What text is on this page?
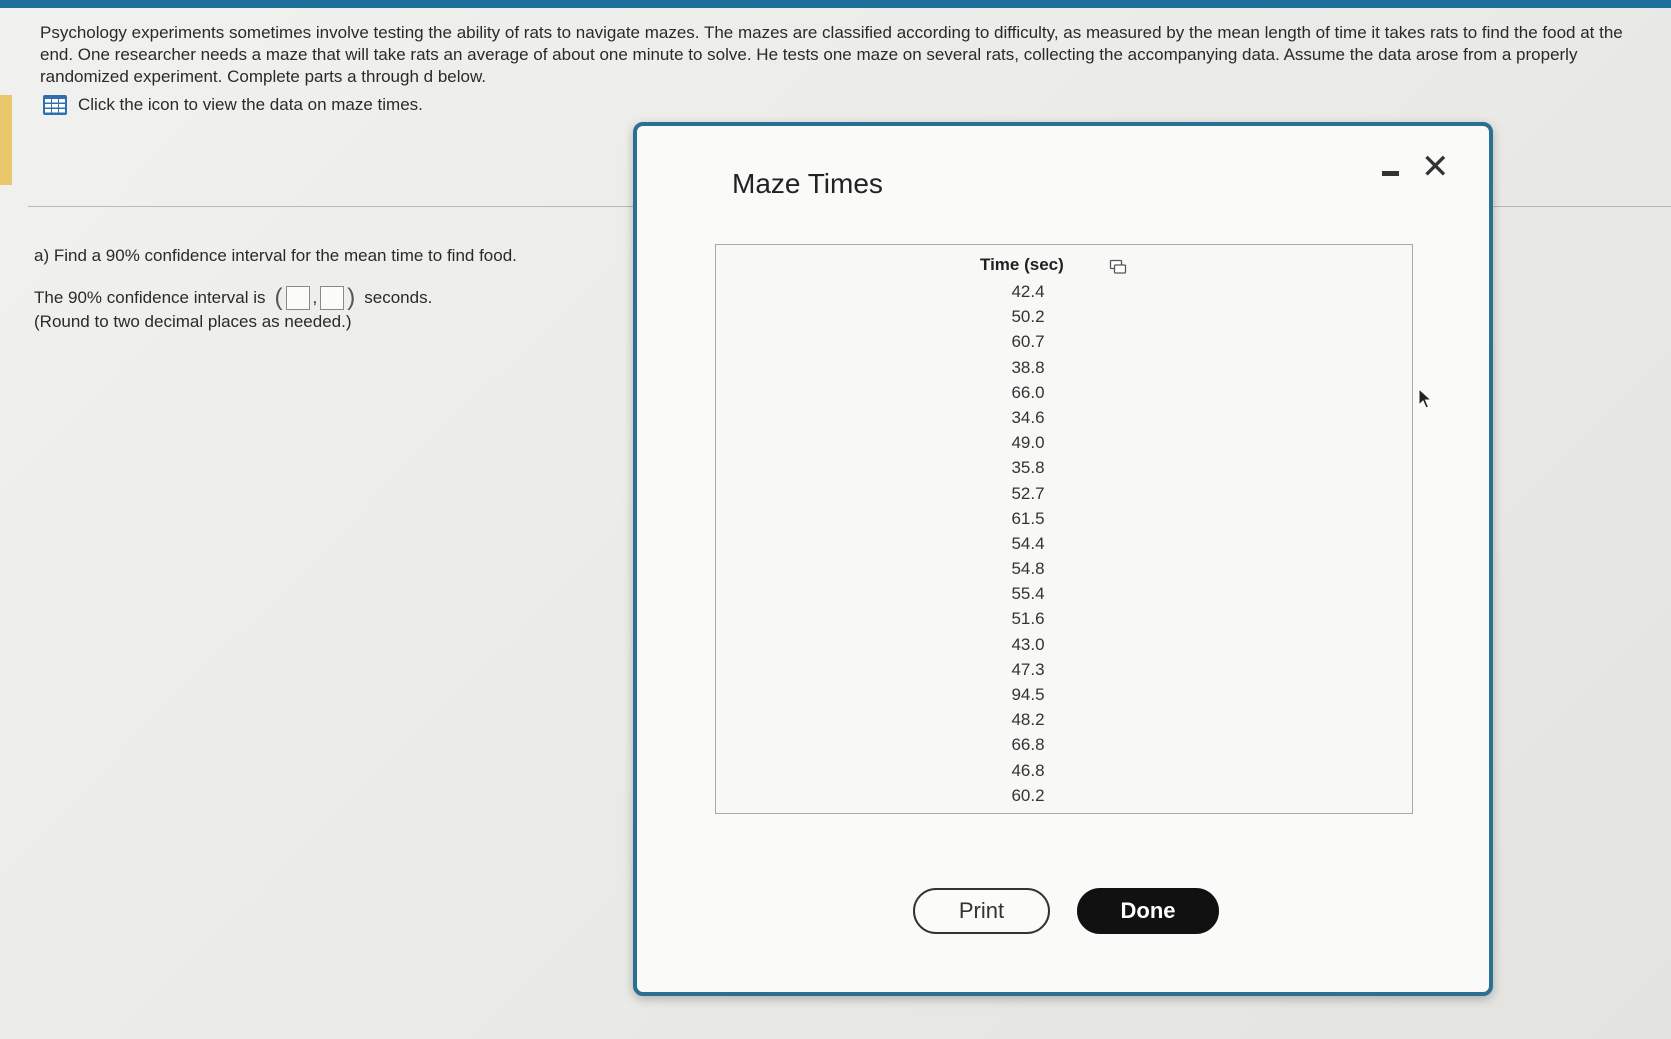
Psychology experiments sometimes involve testing the ability of rats to navigate mazes. The mazes are classified according to difficulty, as measured by the mean length of time it takes rats to find the food at the end. One researcher needs a maze that will take rats an average of about one minute to solve. He tests one maze on several rats, collecting the accompanying data. Assume the data arose from a properly randomized experiment. Complete parts a through d below.
Click the icon to view the data on maze times.
a) Find a 90% confidence interval for the mean time to find food.
The 90% confidence interval is ( , ) seconds.
(Round to two decimal places as needed.)
Maze Times	✕
Time (sec)
42.4
50.2
60.7
38.8
66.0
34.6
49.0
35.8
52.7
61.5
54.4
54.8
55.4
51.6
43.0
47.3
94.5
48.2
66.8
46.8
60.2
Print	Done
